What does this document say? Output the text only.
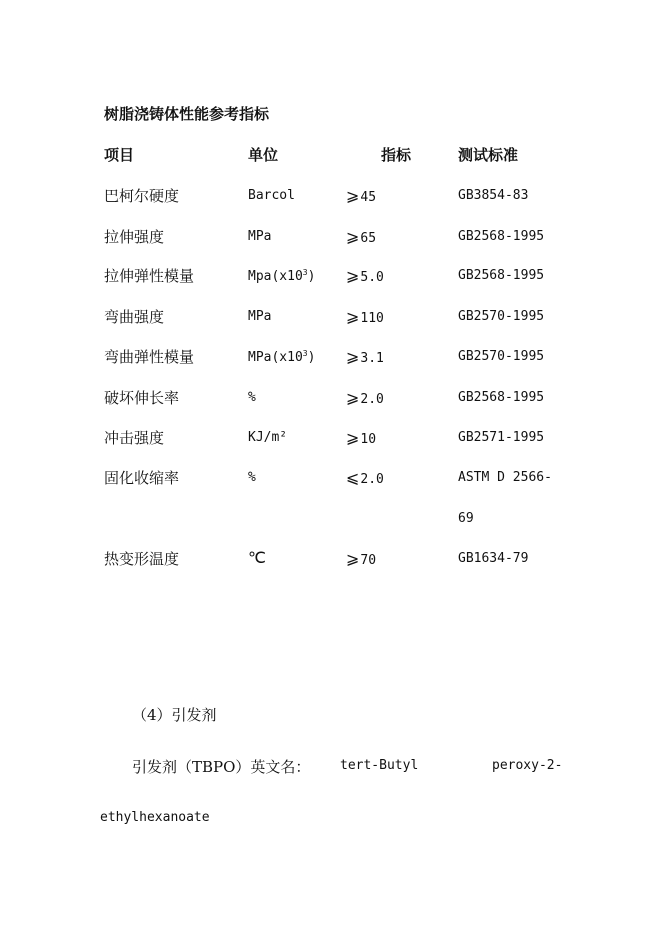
树脂浇铸体性能参考指标
项目	单位	指标	测试标准
巴柯尔硬度	Barcol	⩾45	GB3854-83
拉伸强度	MPa	⩾65	GB2568-1995
拉伸弹性模量	$Mpa(x10^3)$ ⩾5.0	GB2568-1995
弯曲强度	MPa	⩾110	GB2570-1995
弯曲弹性模量	$MPa(x10^3)$ ⩾3.1	GB2570-1995
破坏伸长率	%	⩾2.0	GB2568-1995
冲击强度	KJ/m²	⩾10	GB2571-1995
固化收缩率	%	⩽2.0	ASTM D 2566-
69
热变形温度	℃	⩾70	GB1634-79
（4）引发剂
引发剂（TBPO）英文名： tert-Butyl	peroxy-2-
ethylhexanoate
